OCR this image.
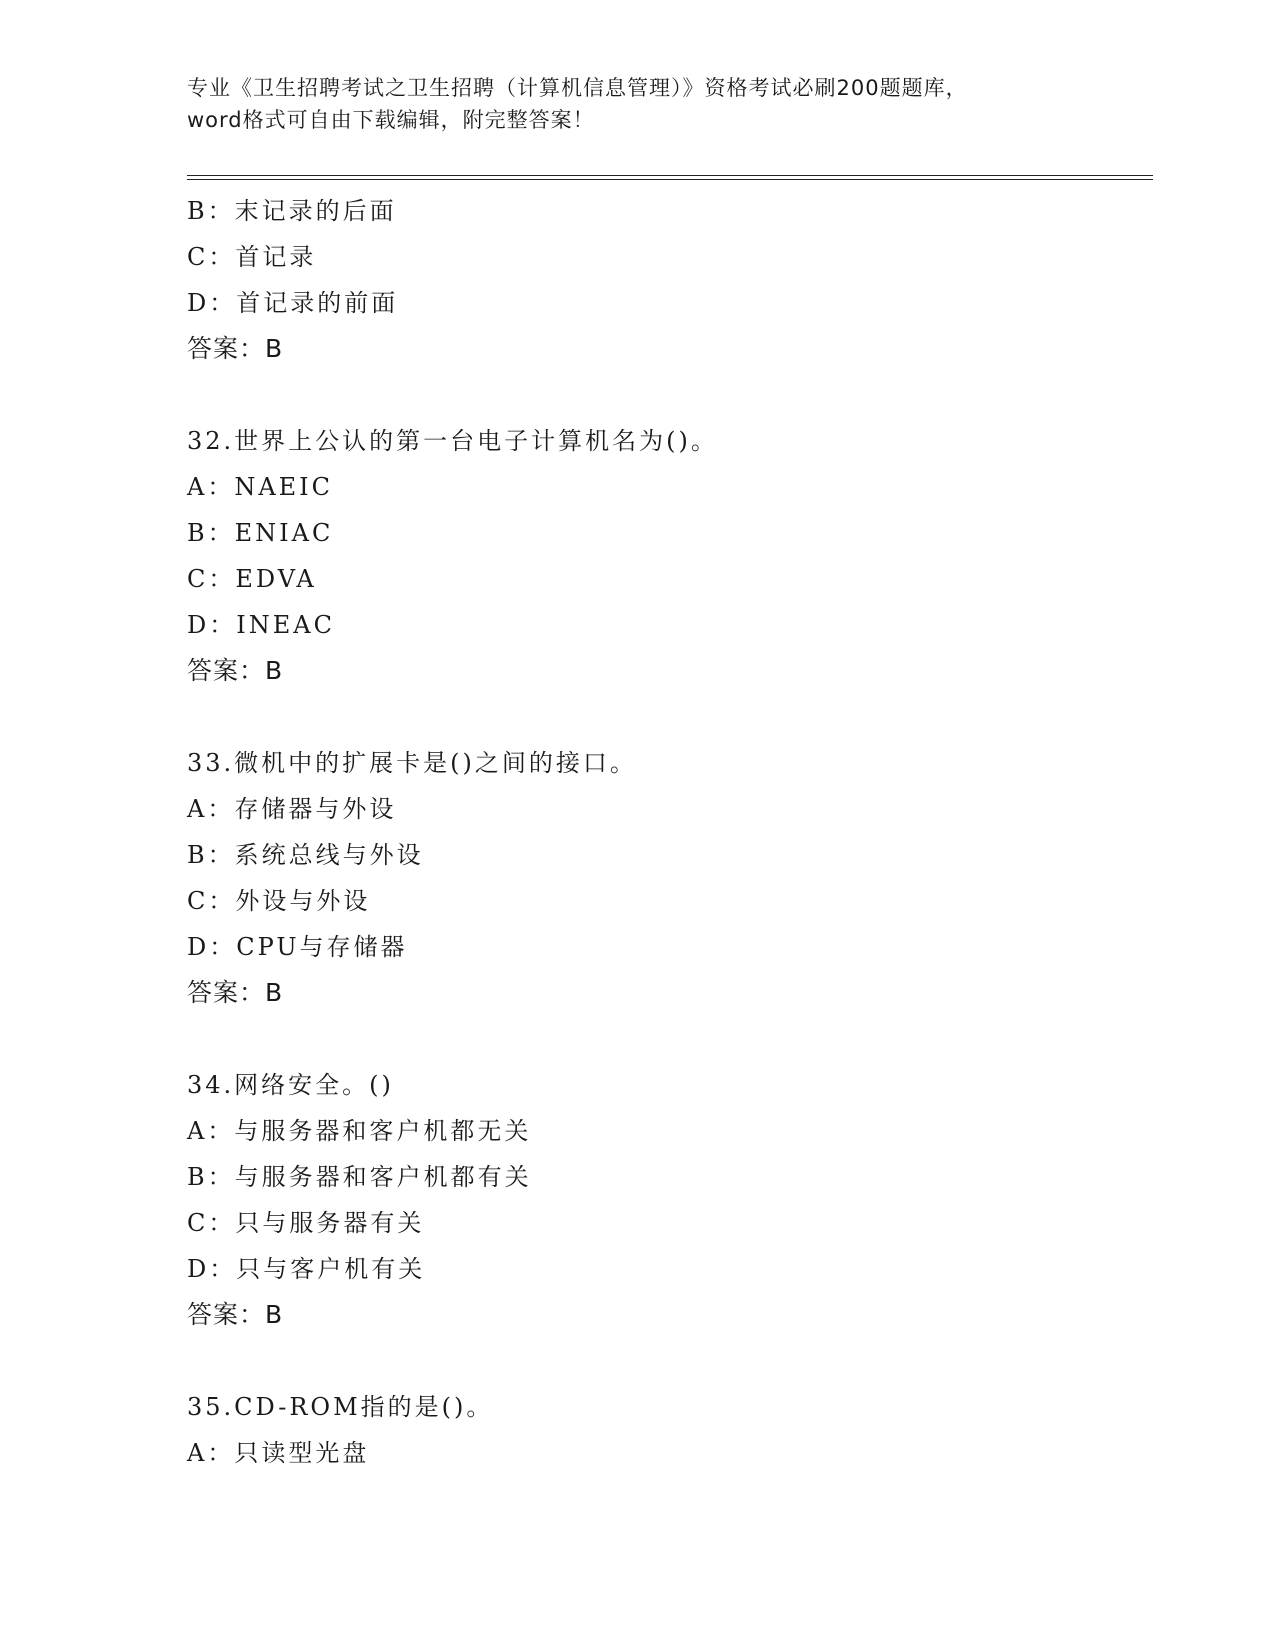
专业《卫生招聘考试之卫生招聘（计算机信息管理）》资格考试必刷200题题库，
word格式可自由下载编辑，附完整答案！
B：末记录的后面
C：首记录
D：首记录的前面
答案：B
32.世界上公认的第一台电子计算机名为()。
A：NAEIC
B：ENIAC
C：EDVA
D：INEAC
答案：B
33.微机中的扩展卡是()之间的接口。
A：存储器与外设
B：系统总线与外设
C：外设与外设
D：CPU与存储器
答案：B
34.网络安全。()
A：与服务器和客户机都无关
B：与服务器和客户机都有关
C：只与服务器有关
D：只与客户机有关
答案：B
35.CD-ROM指的是()。
A：只读型光盘
